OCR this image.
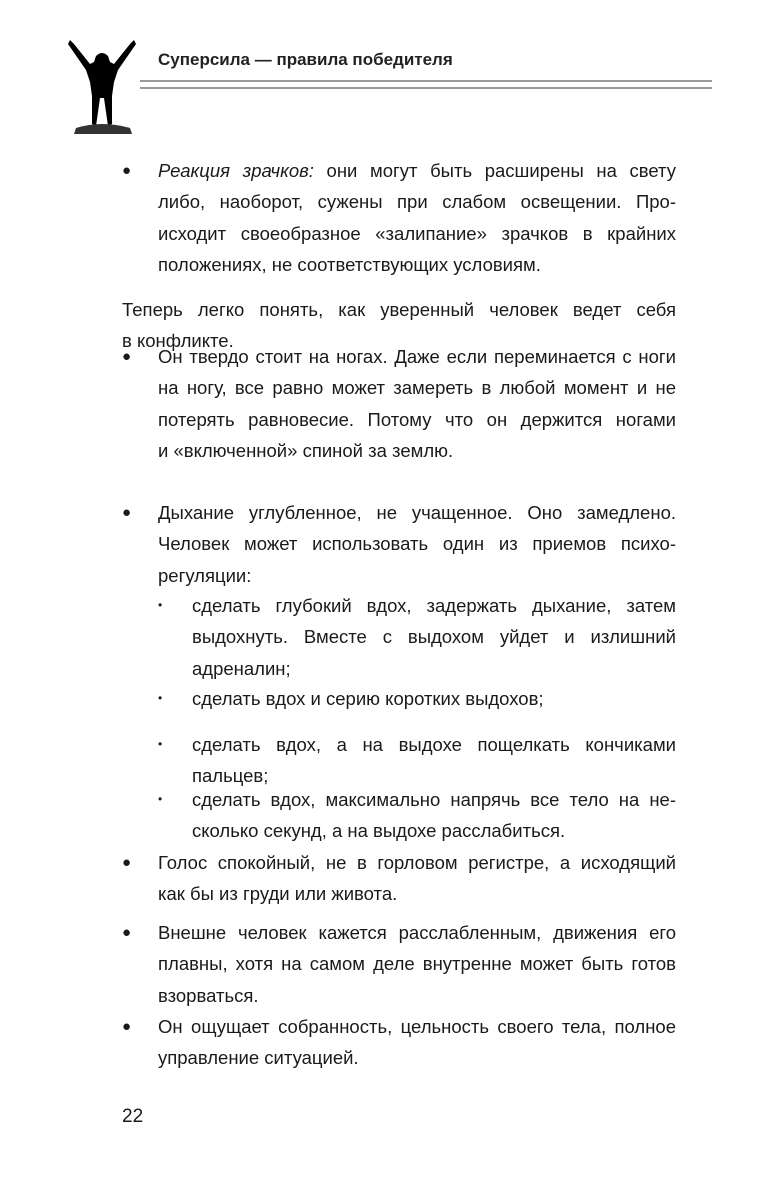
Суперсила — правила победителя
● Реакция зрачков: они могут быть расширены на свету
либо, наоборот, сужены при слабом освещении. Про-
исходит своеобразное «залипание» зрачков в крайних
положениях, не соответствующих условиям.
Теперь легко понять, как уверенный человек ведет себя
в конфликте.
● Он твердо стоит на ногах. Даже если переминается с ноги
на ногу, все равно может замереть в любой момент и не
потерять равновесие. Потому что он держится ногами
и «включенной» спиной за землю.
● Дыхание углубленное, не учащенное. Оно замедлено.
Человек может использовать один из приемов психо-
регуляции:
• сделать глубокий вдох, задержать дыхание, затем
выдохнуть. Вместе с выдохом уйдет и излишний
адреналин;
• сделать вдох и серию коротких выдохов;
• сделать вдох, а на выдохе пощелкать кончиками
пальцев;
• сделать вдох, максимально напрячь все тело на не-
сколько секунд, а на выдохе расслабиться.
● Голос спокойный, не в горловом регистре, а исходящий
как бы из груди или живота.
● Внешне человек кажется расслабленным, движения его
плавны, хотя на самом деле внутренне может быть готов
взорваться.
● Он ощущает собранность, цельность своего тела, полное
управление ситуацией.
22
